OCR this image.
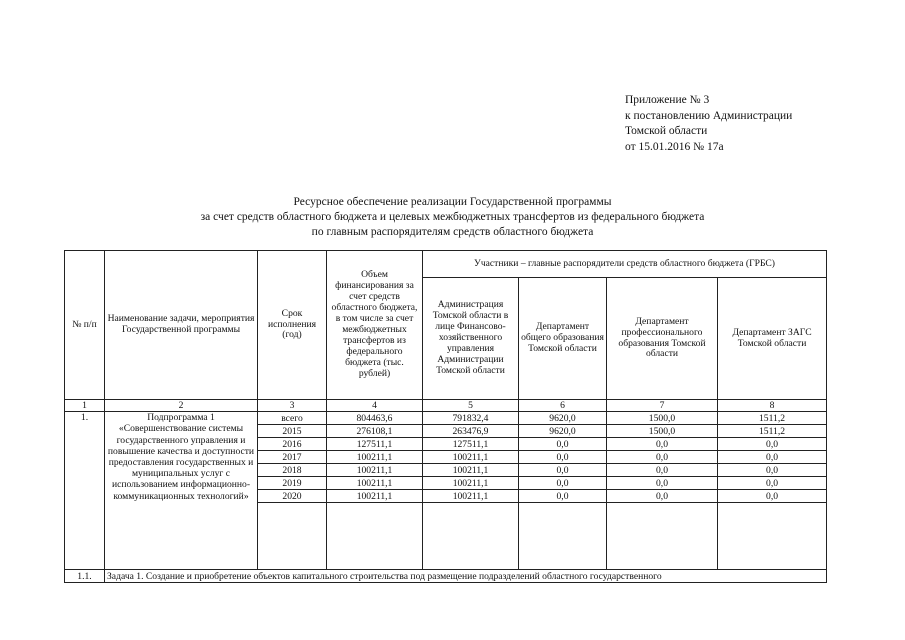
Приложение № 3
к постановлению Администрации
Томской области
от 15.01.2016 № 17а
Ресурсное обеспечение реализации Государственной программы
за счет средств областного бюджета и целевых межбюджетных трансфертов из федерального бюджета
по главным распорядителям средств областного бюджета
№ п/п	Наименование задачи, мероприятия Государственной программы	Срок исполнения (год)	Объем финансирования за счет средств областного бюджета, в том числе за счет межбюджетных трансфертов из федерального бюджета (тыс. рублей)	Участники – главные распорядители средств областного бюджета (ГРБС)			
				Администрация Томской области в лице Финансово-хозяйственного управления Администрации Томской области	Департамент общего образования Томской области	Департамент профессионального образования Томской области	Департамент ЗАГС Томской области
1	2	3	4	5	6	7	8
1.	Подпрограмма 1 «Совершенствование системы государственного управления и повышение качества и доступности предоставления государственных и муниципальных услуг с использованием информационно-коммуникационных технологий»	всего	804463,6	791832,4	9620,0	1500,0	1511,2
		2015	276108,1	263476,9	9620,0	1500,0	1511,2
		2016	127511,1	127511,1	0,0	0,0	0,0
		2017	100211,1	100211,1	0,0	0,0	0,0
		2018	100211,1	100211,1	0,0	0,0	0,0
		2019	100211,1	100211,1	0,0	0,0	0,0
		2020	100211,1	100211,1	0,0	0,0	0,0

1.1.	Задача 1. Создание и приобретение объектов капитального строительства под размещение подразделений областного государственного						
